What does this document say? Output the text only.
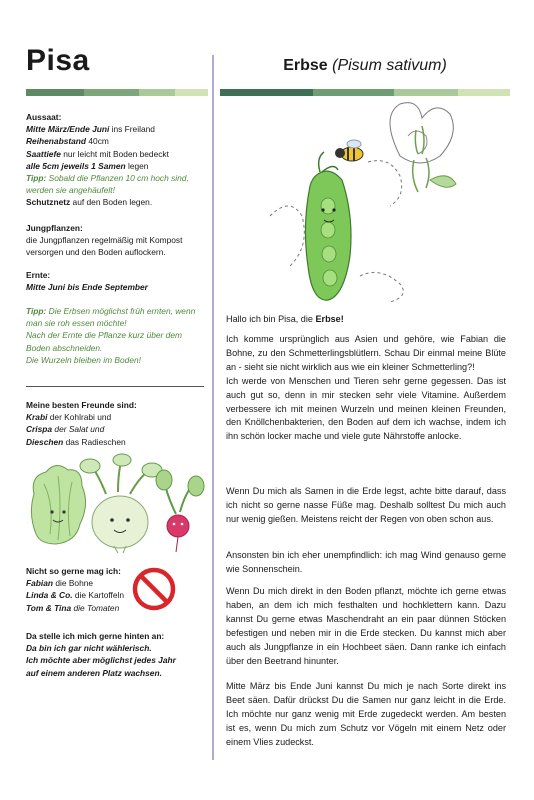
Pisa	Erbse (Pisum sativum)
Aussaat:
Mitte März/Ende Juni ins Freiland
Reihenabstand 40cm
Saattiefe nur leicht mit Boden bedeckt
alle 5cm jeweils 1 Samen legen
Tipp: Sobald die Pflanzen 10 cm hoch sind, werden sie angehäufelt!
Schutznetz auf den Boden legen.
Jungpflanzen:
die Jungpflanzen regelmäßig mit Kompost versorgen und den Boden auflockern.
Ernte:
Mitte Juni bis Ende September
Tipp: Die Erbsen möglichst früh ernten, wenn man sie roh essen möchte!
Nach der Ernte die Pflanze kurz über dem Boden abschneiden.
Die Wurzeln bleiben im Boden!
Meine besten Freunde sind:
Krabi der Kohlrabi und
Crispa der Salat und
Dieschen das Radieschen
Nicht so gerne mag ich:
Fabian die Bohne
Linda & Co. die Kartoffeln
Tom & Tina die Tomaten
Da stelle ich mich gerne hinten an:
Da bin ich gar nicht wählerisch.
Ich möchte aber möglichst jedes Jahr
auf einem anderen Platz wachsen.
Hallo ich bin Pisa, die Erbse!
Ich komme ursprünglich aus Asien und gehöre, wie Fabian die Bohne, zu den Schmetterlingsblütlern. Schau Dir einmal meine Blüte an - sieht sie nicht wirklich aus wie ein kleiner Schmetterling?!
Ich werde von Menschen und Tieren sehr gerne gegessen. Das ist auch gut so, denn in mir stecken sehr viele Vitamine. Außerdem verbessere ich mit meinen Wurzeln und meinen kleinen Freunden, den Knöllchenbakterien, den Boden auf dem ich wachse, indem ich ihn schön locker mache und viele gute Nährstoffe anlocke.
Wenn Du mich als Samen in die Erde legst, achte bitte darauf, dass ich nicht so gerne nasse Füße mag. Deshalb solltest Du mich auch nur wenig gießen. Meistens reicht der Regen von oben schon aus.
Ansonsten bin ich eher unempfindlich: ich mag Wind genauso gerne wie Sonnenschein.
Wenn Du mich direkt in den Boden pflanzt, möchte ich gerne etwas haben, an dem ich mich festhalten und hochklettern kann. Dazu kannst Du gerne etwas Maschendraht an ein paar dünnen Stöcken befestigen und neben mir in die Erde stecken. Du kannst mich aber auch als Jungpflanze in ein Hochbeet säen. Dann ranke ich einfach über den Beetrand hinunter.
Mitte März bis Ende Juni kannst Du mich je nach Sorte direkt ins Beet säen. Dafür drückst Du die Samen nur ganz leicht in die Erde. Ich möchte nur ganz wenig mit Erde zugedeckt werden. Am besten ist es, wenn Du mich zum Schutz vor Vögeln mit einem Netz oder einem Vlies zudeckst.
